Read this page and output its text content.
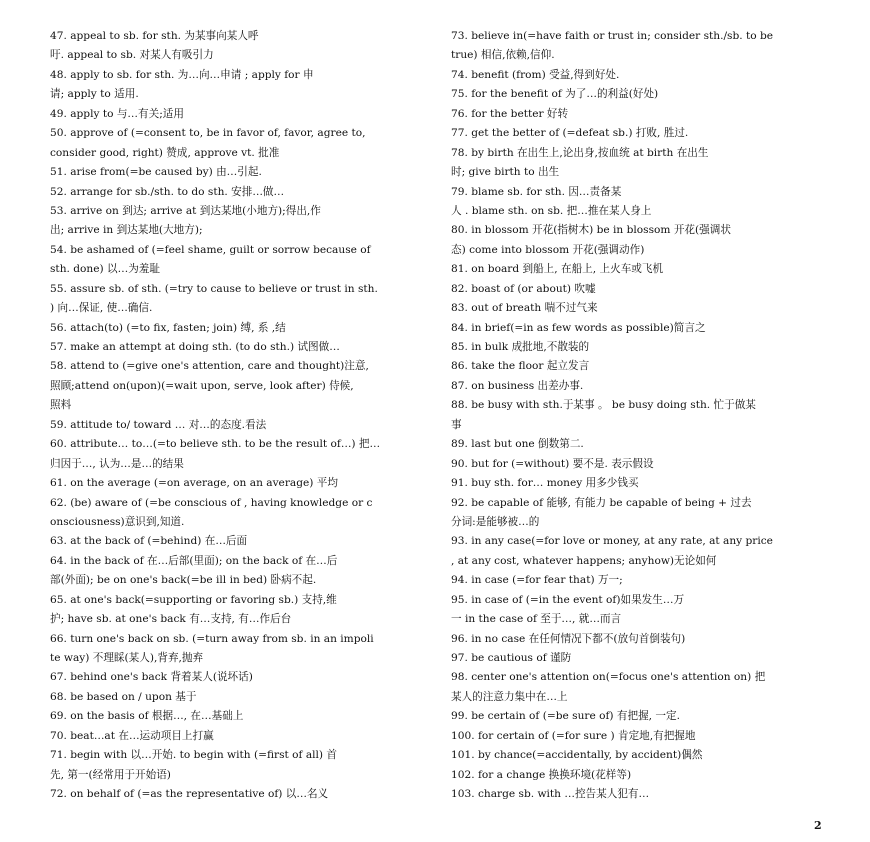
47. appeal to sb. for sth. 为某事向某人呼
吁. appeal to sb. 对某人有吸引力
48. apply to sb. for sth. 为…向…申请 ; apply for 申
请; apply to 适用.
49. apply to 与…有关;适用
50. approve of (=consent to, be in favor of, favor, agree to,
consider good, right) 赞成, approve vt. 批准
51. arise from(=be caused by) 由…引起.
52. arrange for sb./sth. to do sth. 安排…做…
53. arrive on 到达; arrive at 到达某地(小地方);得出,作
出; arrive in 到达某地(大地方);
54. be ashamed of (=feel shame, guilt or sorrow because of
sth. done) 以…为羞耻
55. assure sb. of sth. (=try to cause to believe or trust in sth.
) 向…保证, 使…确信.
56. attach(to) (=to fix, fasten; join) 缚, 系 ,结
57. make an attempt at doing sth. (to do sth.) 试图做…
58. attend to (=give one's attention, care and thought)注意,
照顾;attend on(upon)(=wait upon, serve, look after) 侍候,
照料
59. attitude to/ toward … 对…的态度.看法
60. attribute… to…(=to believe sth. to be the result of…) 把…
归因于…, 认为…是…的结果
61. on the average (=on average, on an average) 平均
62. (be) aware of (=be conscious of , having knowledge or c
onsciousness)意识到,知道.
63. at the back of (=behind) 在…后面
64. in the back of 在…后部(里面); on the back of 在…后
部(外面); be on one's back(=be ill in bed) 卧病不起.
65. at one's back(=supporting or favoring sb.) 支持,维
护; have sb. at one's back 有…支持, 有…作后台
66. turn one's back on sb. (=turn away from sb. in an impoli
te way) 不理睬(某人),背弃,抛弃
67. behind one's back 背着某人(说坏话)
68. be based on / upon 基于
69. on the basis of 根据…, 在…基础上
70. beat…at 在…运动项目上打赢
71. begin with 以…开始. to begin with (=first of all) 首
先, 第一(经常用于开始语)
72. on behalf of (=as the representative of) 以…名义
73. believe in(=have faith or trust in; consider sth./sb. to be
true) 相信,依赖,信仰.
74. benefit (from) 受益,得到好处.
75. for the benefit of 为了…的利益(好处)
76. for the better 好转
77. get the better of (=defeat sb.) 打败, 胜过.
78. by birth 在出生上,论出身,按血统 at birth 在出生
时; give birth to 出生
79. blame sb. for sth. 因…责备某
人 . blame sth. on sb. 把…推在某人身上
80. in blossom 开花(指树木) be in blossom 开花(强调状
态) come into blossom 开花(强调动作)
81. on board 到船上, 在船上, 上火车或飞机
82. boast of (or about) 吹嘘
83. out of breath 喘不过气来
84. in brief(=in as few words as possible)简言之
85. in bulk 成批地,不散装的
86. take the floor 起立发言
87. on business 出差办事.
88. be busy with sth.于某事 。 be busy doing sth. 忙于做某
事
89. last but one 倒数第二.
90. but for (=without) 要不是. 表示假设
91. buy sth. for… money 用多少钱买
92. be capable of 能够, 有能力 be capable of being + 过去
分词:是能够被…的
93. in any case(=for love or money, at any rate, at any price
, at any cost, whatever happens; anyhow)无论如何
94. in case (=for fear that) 万一;
95. in case of (=in the event of)如果发生…万
一 in the case of 至于…, 就…而言
96. in no case 在任何情况下都不(放句首倒装句)
97. be cautious of 谨防
98. center one's attention on(=focus one's attention on) 把
某人的注意力集中在…上
99. be certain of (=be sure of) 有把握, 一定.
100. for certain of (=for sure ) 肯定地,有把握地
101. by chance(=accidentally, by accident)偶然
102. for a change 换换环境(花样等)
103. charge sb. with …控告某人犯有…
2
